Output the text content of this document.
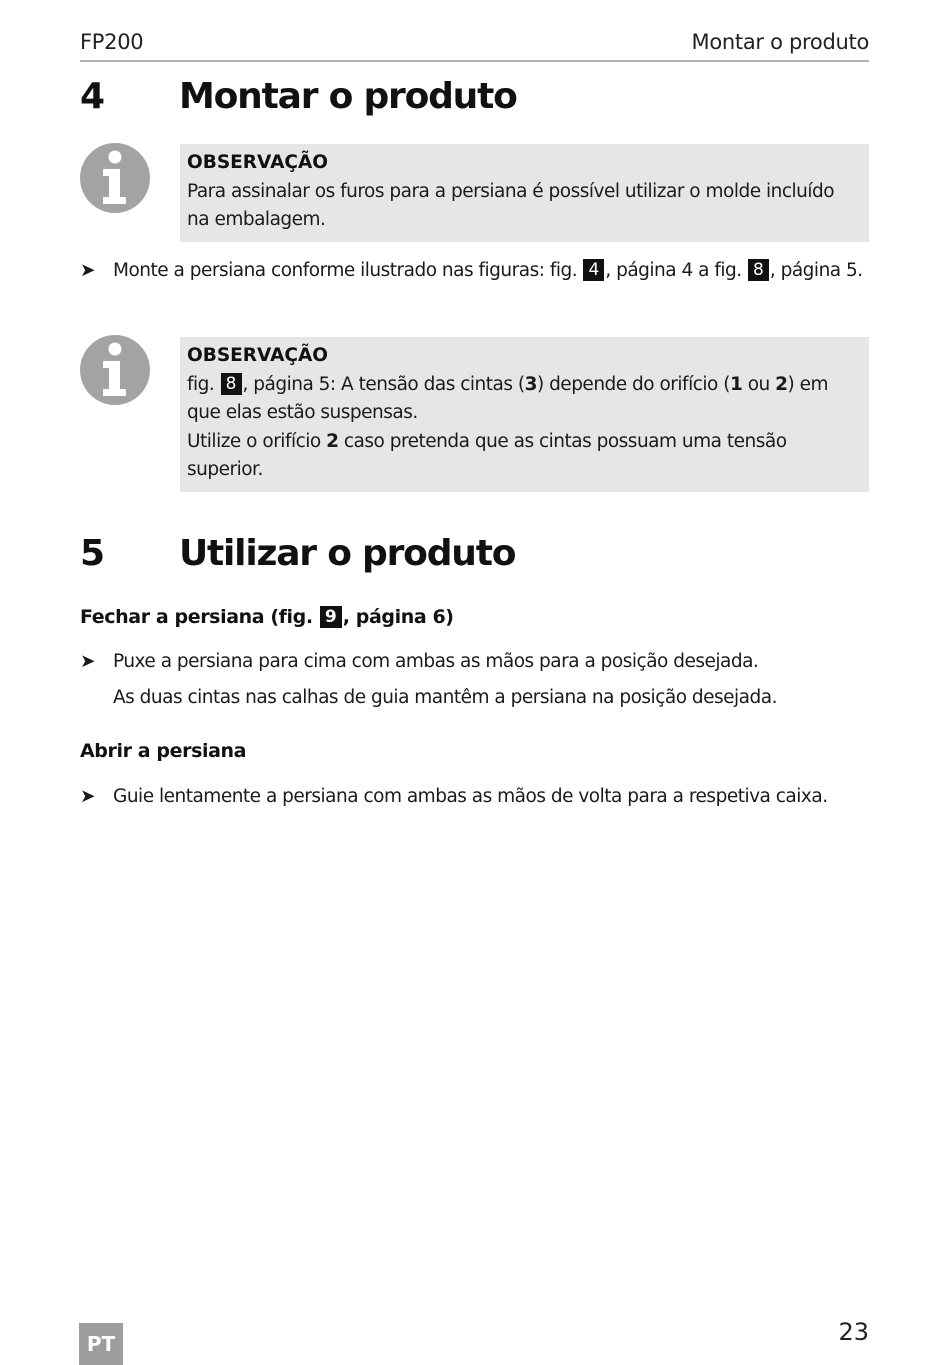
FP200	Montar o produto
4 Montar o produto
OBSERVAÇÃO

Para assinalar os furos para a persiana é possível utilizar o molde incluído na embalagem.

➤ Monte a persiana conforme ilustrado nas figuras: fig. 4 , página 4 a fig. 8 , página 5.
OBSERVAÇÃO

fig. 8 , página 5: A tensão das cintas (3) depende do orifício (1 ou 2) em que elas estão suspensas.

Utilize o orifício 2 caso pretenda que as cintas possuam uma tensão superior.

5 Utilizar o produto
Fechar a persiana (fig. 9 , página 6)
➤ Puxe a persiana para cima com ambas as mãos para a posição desejada.
As duas cintas nas calhas de guia mantêm a persiana na posição desejada.
Abrir a persiana
➤ Guie lentamente a persiana com ambas as mãos de volta para a respetiva caixa.
PT	23
